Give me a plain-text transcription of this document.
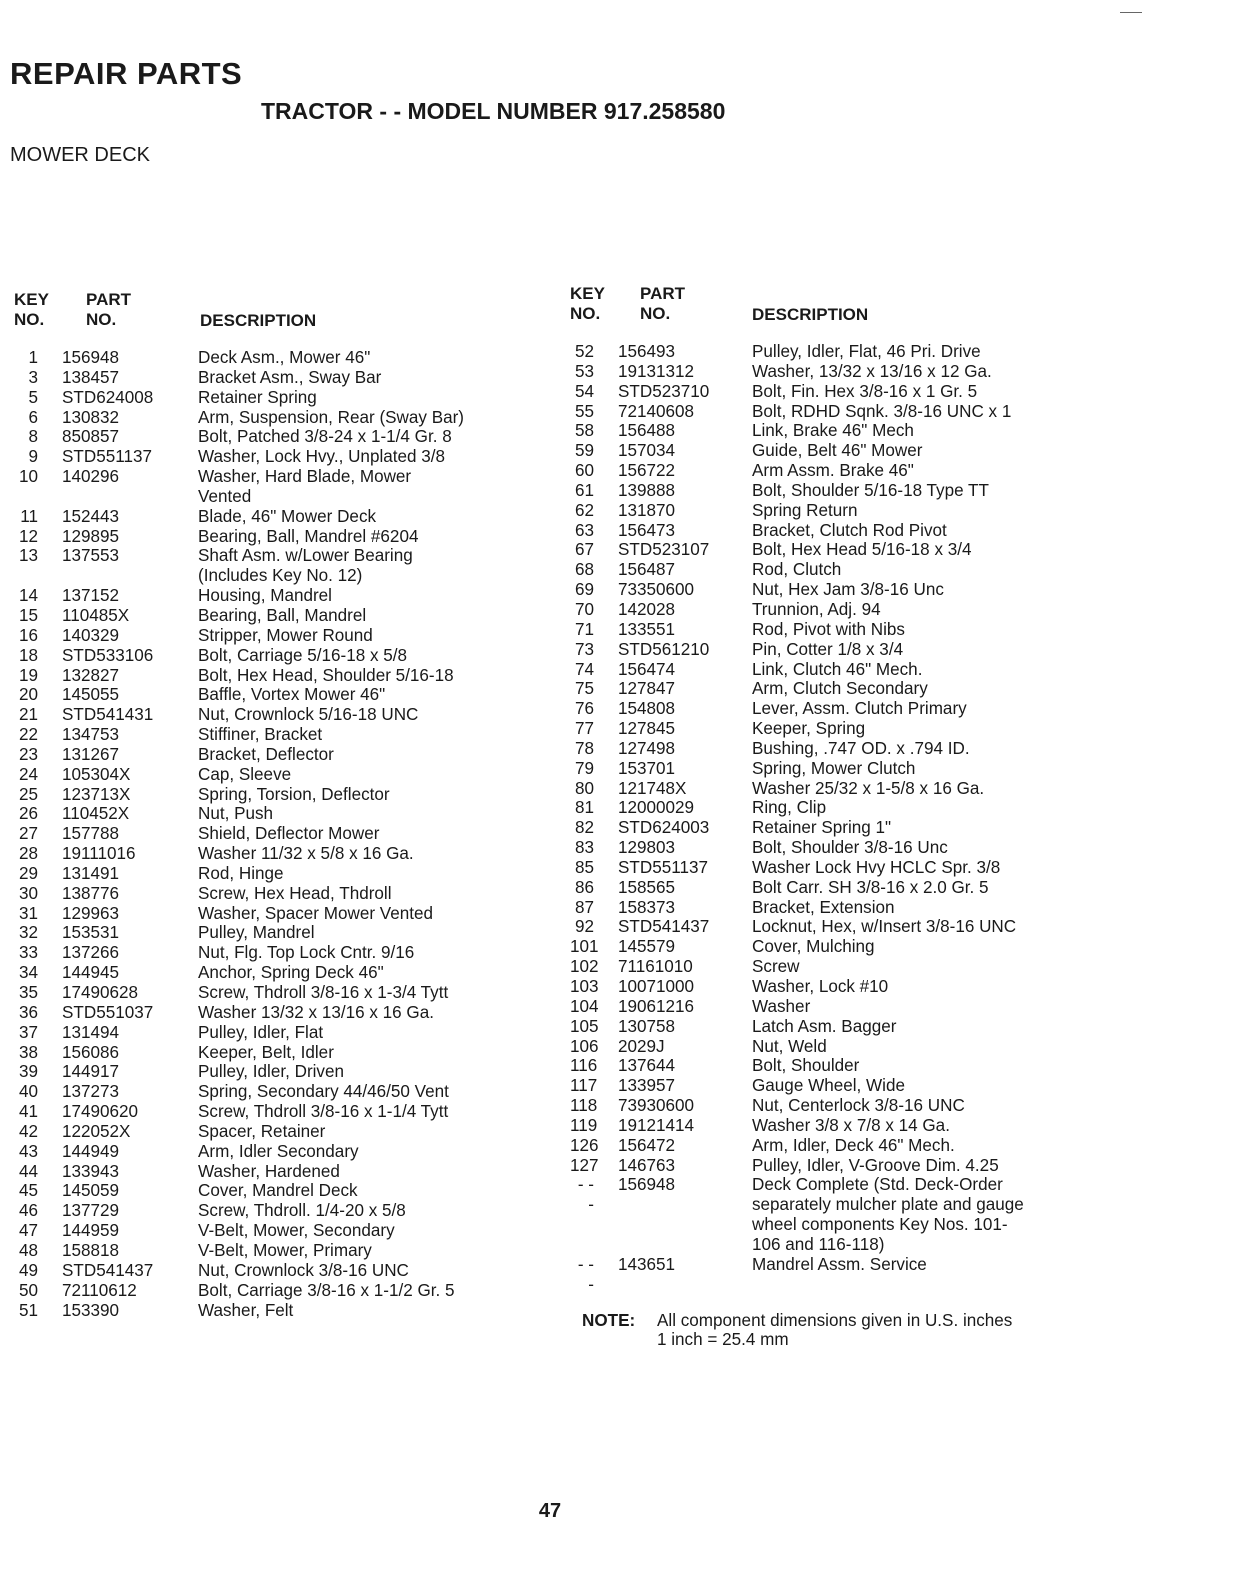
REPAIR PARTS
TRACTOR - - MODEL NUMBER 917.258580
MOWER DECK
KEY
NO.
PART
NO.	DESCRIPTION
1	156948	Deck Asm., Mower 46"
3	138457	Bracket Asm., Sway Bar
5	STD624008	Retainer Spring
6	130832	Arm, Suspension, Rear (Sway Bar)
8	850857	Bolt, Patched 3/8-24 x 1-1/4 Gr. 8
9	STD551137	Washer, Lock Hvy., Unplated 3/8
10	140296	Washer, Hard Blade, Mower
Vented
11	152443	Blade, 46" Mower Deck
12	129895	Bearing, Ball, Mandrel #6204
13	137553	Shaft Asm. w/Lower Bearing
(Includes Key No. 12)
14	137152	Housing, Mandrel
15	110485X	Bearing, Ball, Mandrel
16	140329	Stripper, Mower Round
18	STD533106	Bolt, Carriage 5/16-18 x 5/8
19	132827	Bolt, Hex Head, Shoulder 5/16-18
20	145055	Baffle, Vortex Mower 46"
21	STD541431	Nut, Crownlock 5/16-18 UNC
22	134753	Stiffiner, Bracket
23	131267	Bracket, Deflector
24	105304X	Cap, Sleeve
25	123713X	Spring, Torsion, Deflector
26	110452X	Nut, Push
27	157788	Shield, Deflector Mower
28	19111016	Washer 11/32 x 5/8 x 16 Ga.
29	131491	Rod, Hinge
30	138776	Screw, Hex Head, Thdroll
31	129963	Washer, Spacer Mower Vented
32	153531	Pulley, Mandrel
33	137266	Nut, Flg. Top Lock Cntr. 9/16
34	144945	Anchor, Spring Deck 46"
35	17490628	Screw, Thdroll 3/8-16 x 1-3/4 Tytt
36	STD551037	Washer 13/32 x 13/16 x 16 Ga.
37	131494	Pulley, Idler, Flat
38	156086	Keeper, Belt, Idler
39	144917	Pulley, Idler, Driven
40	137273	Spring, Secondary 44/46/50 Vent
41	17490620	Screw, Thdroll 3/8-16 x 1-1/4 Tytt
42	122052X	Spacer, Retainer
43	144949	Arm, Idler Secondary
44	133943	Washer, Hardened
45	145059	Cover, Mandrel Deck
46	137729	Screw, Thdroll. 1/4-20 x 5/8
47	144959	V-Belt, Mower, Secondary
48	158818	V-Belt, Mower, Primary
49	STD541437	Nut, Crownlock 3/8-16 UNC
50	72110612	Bolt, Carriage 3/8-16 x 1-1/2 Gr. 5
51	153390	Washer, Felt
KEY
NO.
PART
NO.	DESCRIPTION
52	156493	Pulley, Idler, Flat, 46 Pri. Drive
53	19131312	Washer, 13/32 x 13/16 x 12 Ga.
54	STD523710	Bolt, Fin. Hex 3/8-16 x 1 Gr. 5
55	72140608	Bolt, RDHD Sqnk. 3/8-16 UNC x 1
58	156488	Link, Brake 46" Mech
59	157034	Guide, Belt 46" Mower
60	156722	Arm Assm. Brake 46"
61	139888	Bolt, Shoulder 5/16-18 Type TT
62	131870	Spring Return
63	156473	Bracket, Clutch Rod Pivot
67	STD523107	Bolt, Hex Head 5/16-18 x 3/4
68	156487	Rod, Clutch
69	73350600	Nut, Hex Jam 3/8-16 Unc
70	142028	Trunnion, Adj. 94
71	133551	Rod, Pivot with Nibs
73	STD561210	Pin, Cotter 1/8 x 3/4
74	156474	Link, Clutch 46" Mech.
75	127847	Arm, Clutch Secondary
76	154808	Lever, Assm. Clutch Primary
77	127845	Keeper, Spring
78	127498	Bushing, .747 OD. x .794 ID.
79	153701	Spring, Mower Clutch
80	121748X	Washer 25/32 x 1-5/8 x 16 Ga.
81	12000029	Ring, Clip
82	STD624003	Retainer Spring 1"
83	129803	Bolt, Shoulder 3/8-16 Unc
85	STD551137	Washer Lock Hvy HCLC Spr. 3/8
86	158565	Bolt Carr. SH 3/8-16 x 2.0 Gr. 5
87	158373	Bracket, Extension
92	STD541437	Locknut, Hex, w/Insert 3/8-16 UNC
101	145579	Cover, Mulching
102	71161010	Screw
103	10071000	Washer, Lock #10
104	19061216	Washer
105	130758	Latch Asm. Bagger
106	2029J	Nut, Weld
116	137644	Bolt, Shoulder
117	133957	Gauge Wheel, Wide
118	73930600	Nut, Centerlock 3/8-16 UNC
119	19121414	Washer 3/8 x 7/8 x 14 Ga.
126	156472	Arm, Idler, Deck 46" Mech.
127	146763	Pulley, Idler, V-Groove Dim. 4.25
- - -
156948	Deck Complete (Std. Deck-Order
separately mulcher plate and gauge
wheel components Key Nos. 101-
106 and 116-118)
- - -
143651	Mandrel Assm. Service
NOTE: All component dimensions given in U.S. inches
1 inch = 25.4 mm
47
